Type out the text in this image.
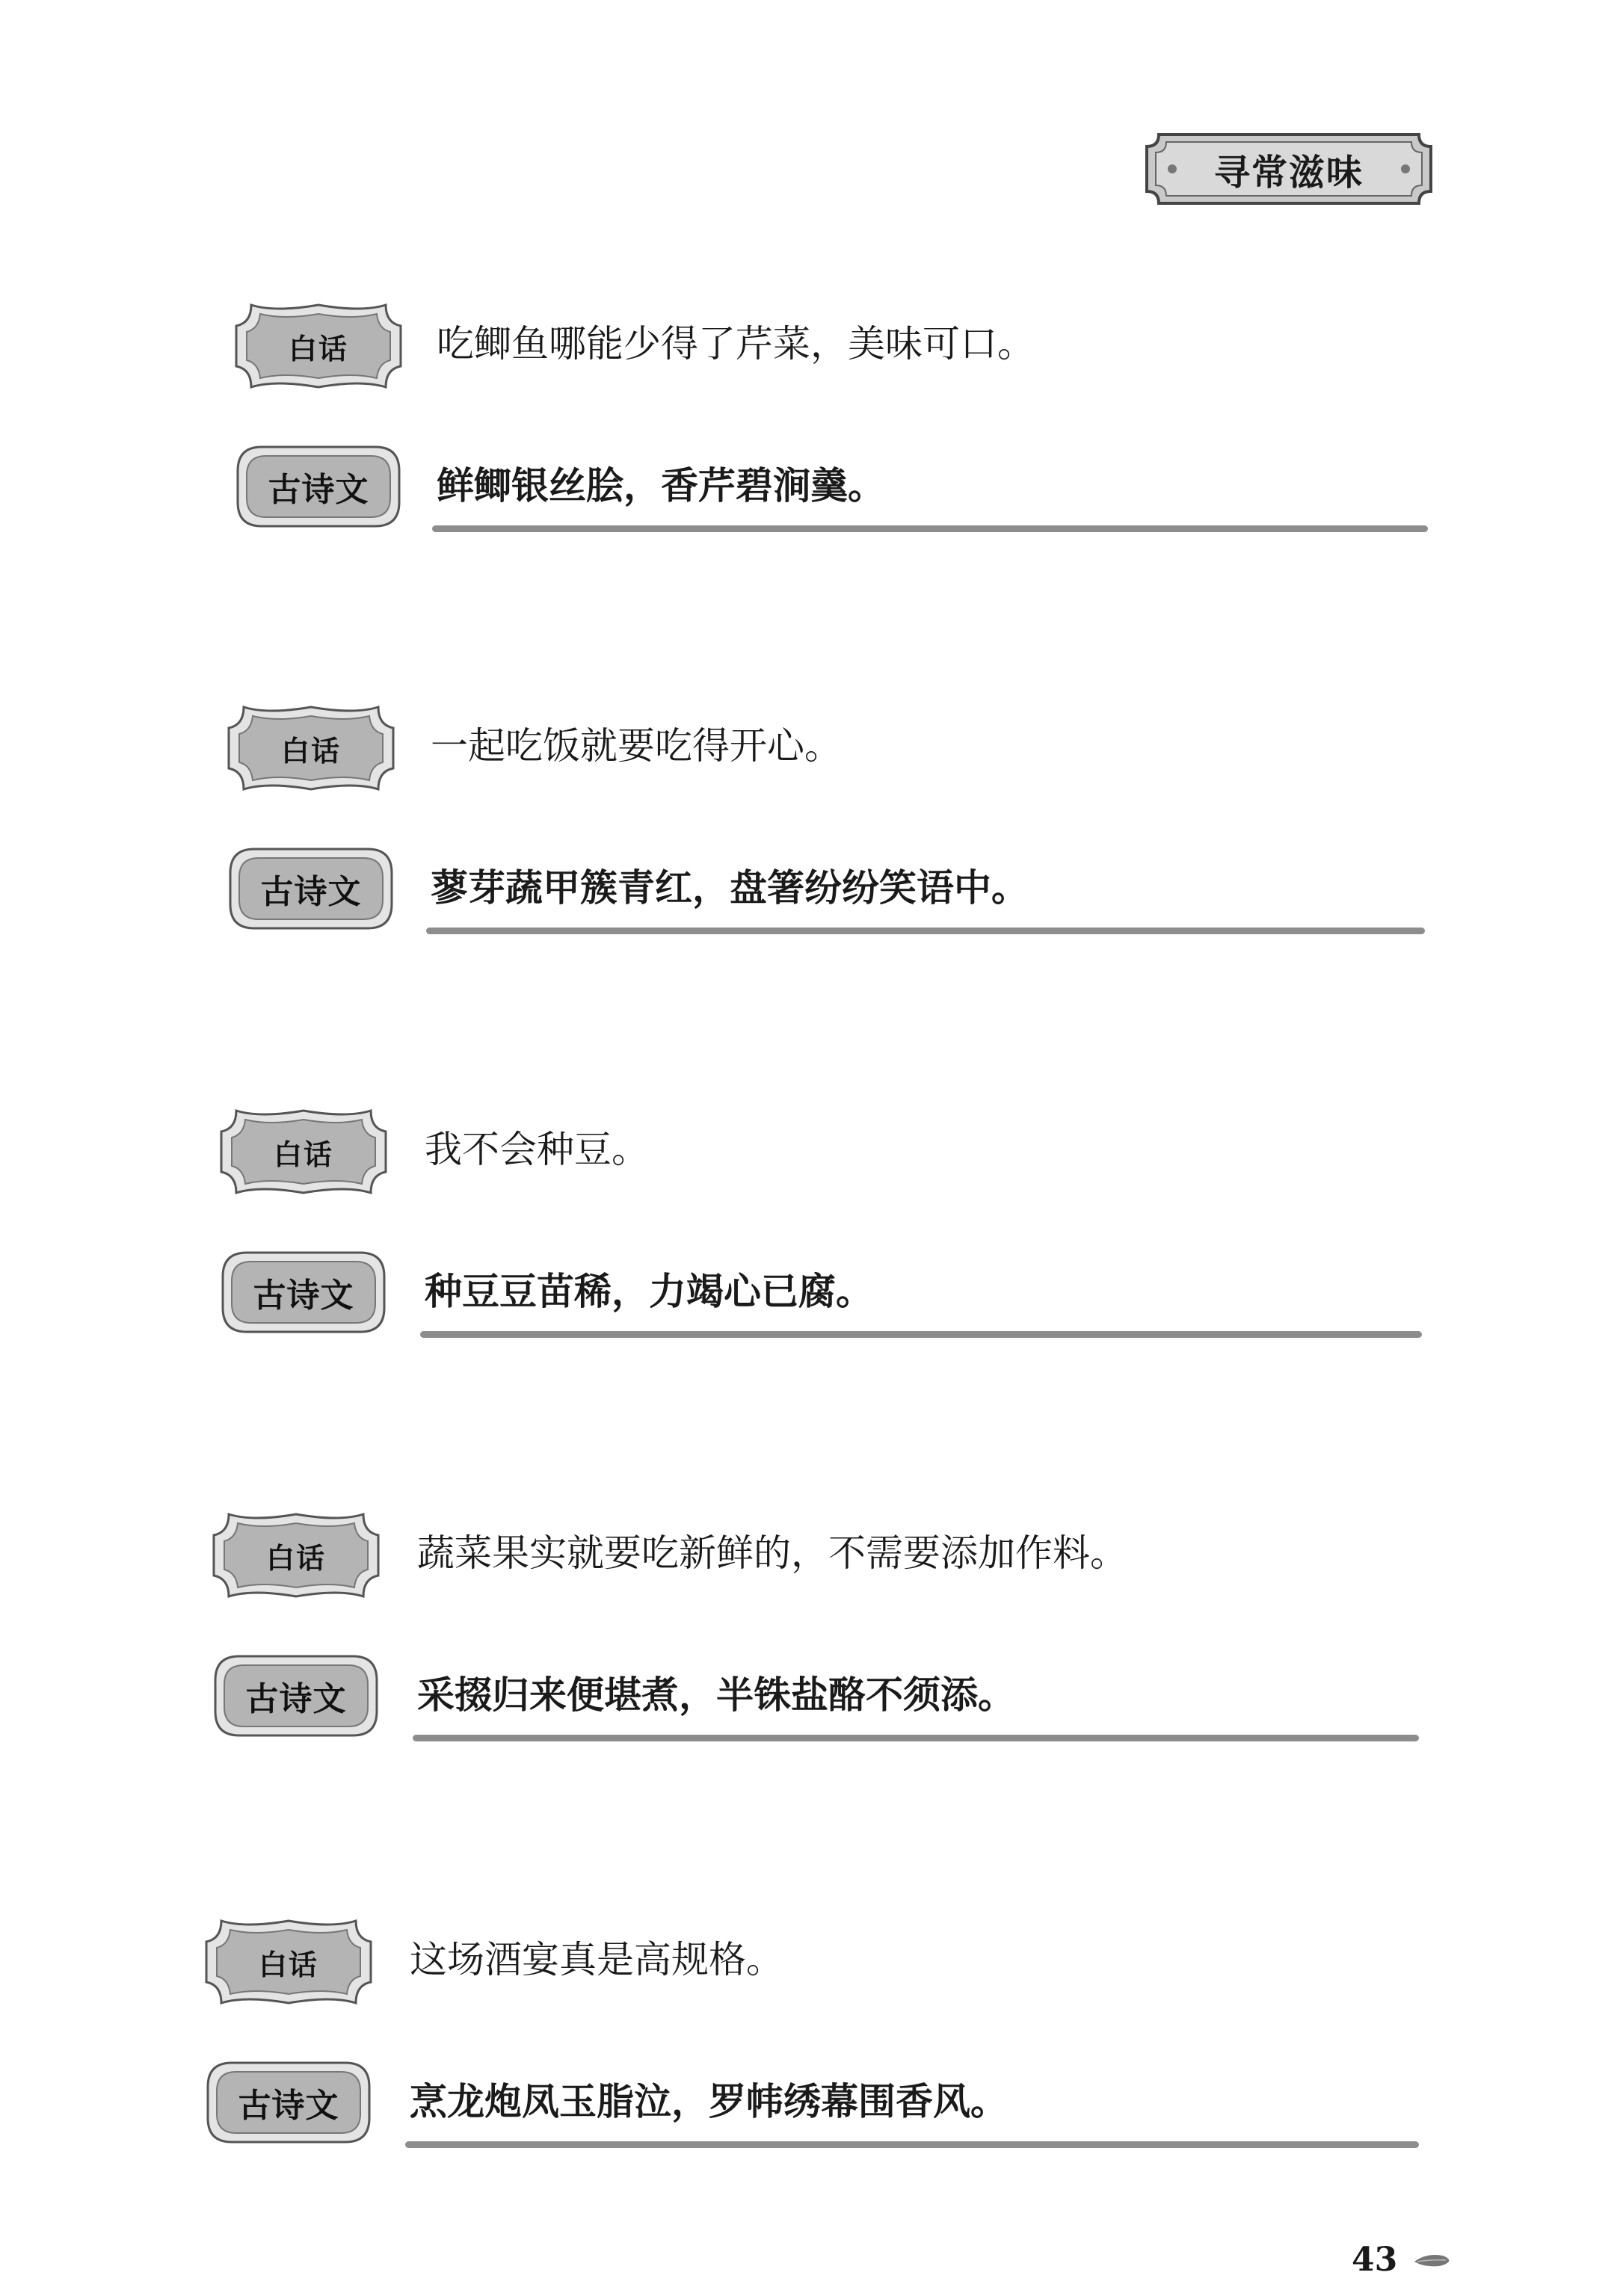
寻常滋味
白话	吃鲫鱼哪能少得了芹菜，美味可口。
古诗文	鲜鲫银丝脍，香芹碧涧羹。
白话	一起吃饭就要吃得开心。
古诗文	蓼芽蔬甲簇青红，盘箸纷纷笑语中。
白话	我不会种豆。
古诗文	种豆豆苗稀，力竭心已腐。
白话	蔬菜果实就要吃新鲜的，不需要添加作料。
古诗文	采掇归来便堪煮，半铢盐酪不须添。
白话	这场酒宴真是高规格。
古诗文	烹龙炮凤玉脂泣，罗帏绣幕围香风。
43
